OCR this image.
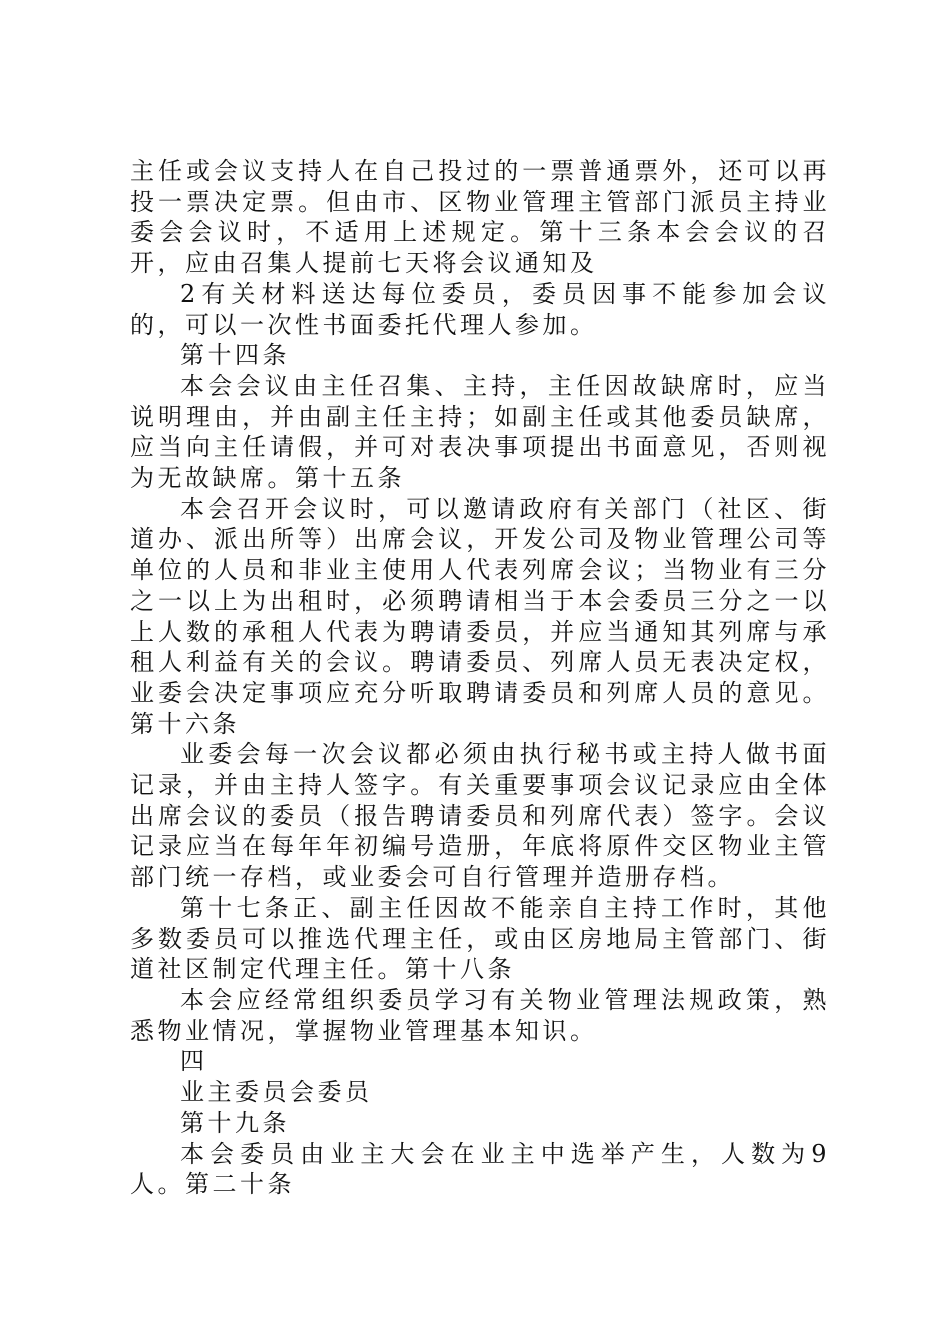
主任或会议支持人在自己投过的一票普通票外，还可以再投一票决定票。但由市、区物业管理主管部门派员主持业委会会议时，不适用上述规定。第十三条本会会议的召开，应由召集人提前七天将会议通知及

2有关材料送达每位委员，委员因事不能参加会议的，可以一次性书面委托代理人参加。

第十四条

本会会议由主任召集、主持，主任因故缺席时，应当说明理由，并由副主任主持；如副主任或其他委员缺席，应当向主任请假，并可对表决事项提出书面意见，否则视为无故缺席。第十五条

本会召开会议时，可以邀请政府有关部门（社区、街道办、派出所等）出席会议，开发公司及物业管理公司等单位的人员和非业主使用人代表列席会议；当物业有三分之一以上为出租时，必须聘请相当于本会委员三分之一以上人数的承租人代表为聘请委员，并应当通知其列席与承租人利益有关的会议。聘请委员、列席人员无表决定权，业委会决定事项应充分听取聘请委员和列席人员的意见。第十六条

业委会每一次会议都必须由执行秘书或主持人做书面记录，并由主持人签字。有关重要事项会议记录应由全体出席会议的委员（报告聘请委员和列席代表）签字。会议记录应当在每年年初编号造册，年底将原件交区物业主管部门统一存档，或业委会可自行管理并造册存档。

第十七条正、副主任因故不能亲自主持工作时，其他多数委员可以推选代理主任，或由区房地局主管部门、街道社区制定代理主任。第十八条

本会应经常组织委员学习有关物业管理法规政策，熟悉物业情况，掌握物业管理基本知识。

四

业主委员会委员

第十九条

本会委员由业主大会在业主中选举产生，人数为9人。第二十条
